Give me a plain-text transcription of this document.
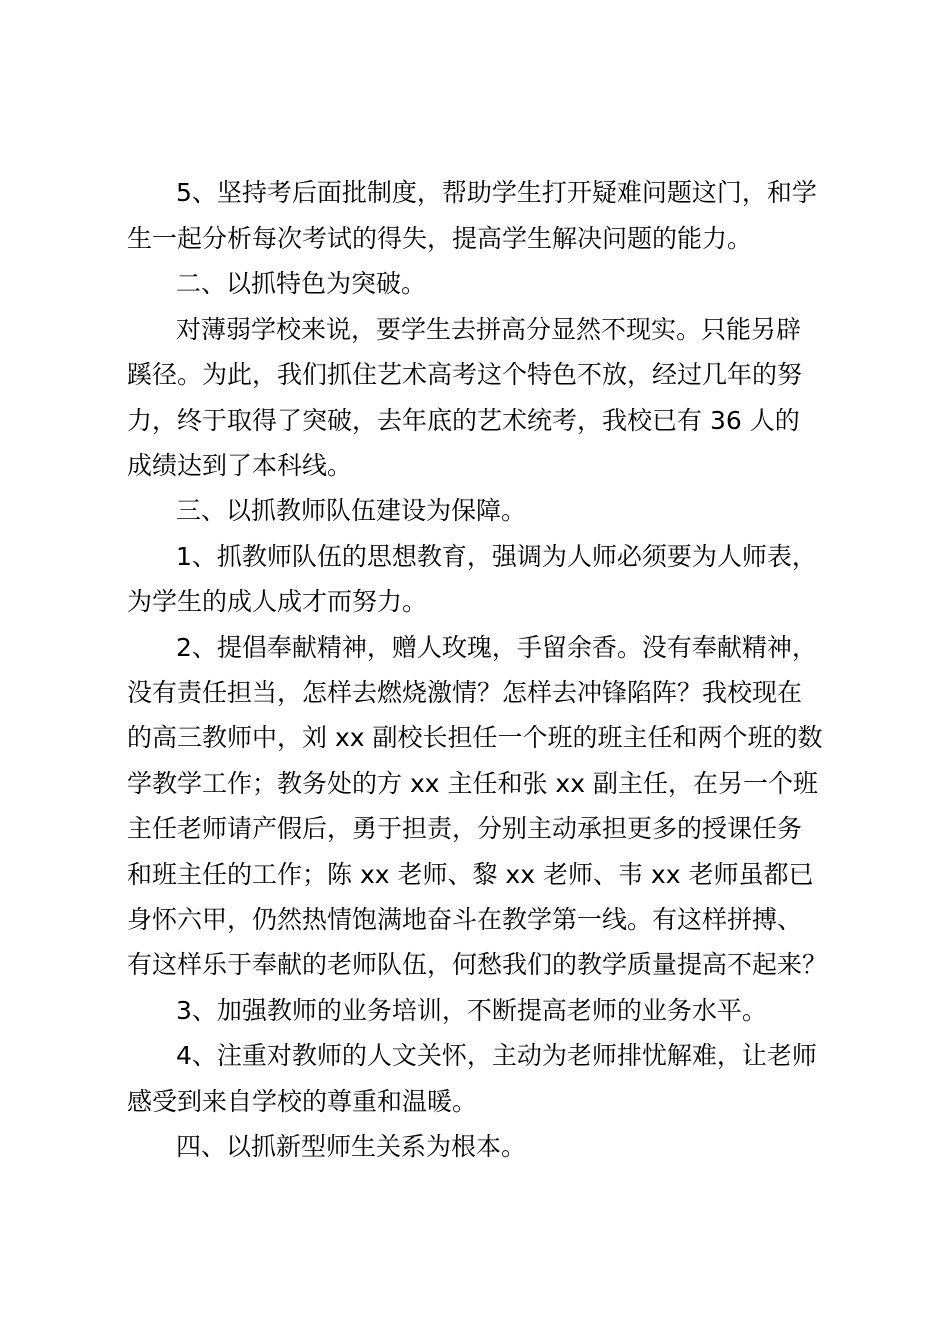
5、坚持考后面批制度，帮助学生打开疑难问题这门，和学
生一起分析每次考试的得失，提高学生解决问题的能力。
二、以抓特色为突破。
对薄弱学校来说，要学生去拼高分显然不现实。只能另辟
蹊径。为此，我们抓住艺术高考这个特色不放，经过几年的努
力，终于取得了突破，去年底的艺术统考，我校已有 36 人的
成绩达到了本科线。
三、以抓教师队伍建设为保障。
1、抓教师队伍的思想教育，强调为人师必须要为人师表，
为学生的成人成才而努力。
2、提倡奉献精神，赠人玫瑰，手留余香。没有奉献精神，
没有责任担当，怎样去燃烧激情？怎样去冲锋陷阵？我校现在
的高三教师中，刘 xx 副校长担任一个班的班主任和两个班的数
学教学工作；教务处的方 xx 主任和张 xx 副主任，在另一个班
主任老师请产假后，勇于担责，分别主动承担更多的授课任务
和班主任的工作；陈 xx 老师、黎 xx 老师、韦 xx 老师虽都已
身怀六甲，仍然热情饱满地奋斗在教学第一线。有这样拼搏、
有这样乐于奉献的老师队伍，何愁我们的教学质量提高不起来？
3、加强教师的业务培训，不断提高老师的业务水平。
4、注重对教师的人文关怀，主动为老师排忧解难，让老师
感受到来自学校的尊重和温暖。
四、以抓新型师生关系为根本。
